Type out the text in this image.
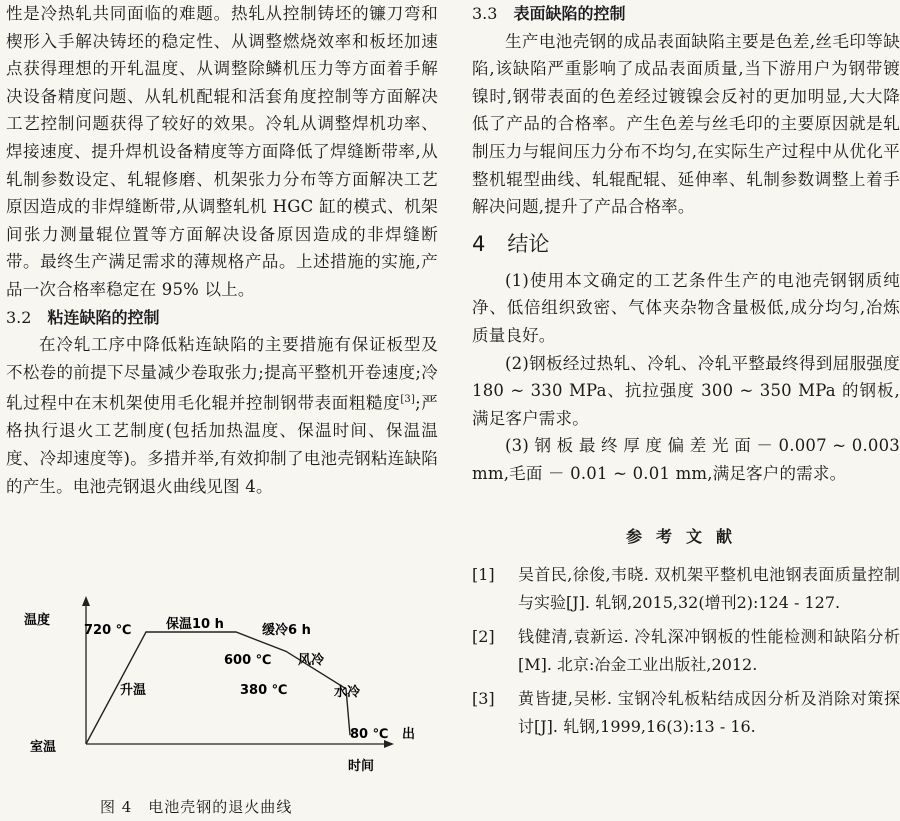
性是冷热轧共同面临的难题。热轧从控制铸坯的镰刀弯和楔形入手解决铸坯的稳定性、从调整燃烧效率和板坯加速点获得理想的开轧温度、从调整除鳞机压力等方面着手解决设备精度问题、从轧机配辊和活套角度控制等方面解决工艺控制问题获得了较好的效果。冷轧从调整焊机功率、焊接速度、提升焊机设备精度等方面降低了焊缝断带率,从轧制参数设定、轧辊修磨、机架张力分布等方面解决工艺原因造成的非焊缝断带,从调整轧机 HGC 缸的模式、机架间张力测量辊位置等方面解决设备原因造成的非焊缝断带。最终生产满足需求的薄规格产品。上述措施的实施,产品一次合格率稳定在 95% 以上。

3.2 粘连缺陷的控制

在冷轧工序中降低粘连缺陷的主要措施有保证板型及不松卷的前提下尽量减少卷取张力;提高平整机开卷速度;冷轧过程中在末机架使用毛化辊并控制钢带表面粗糙度[3];严格执行退火工艺制度(包括加热温度、保温时间、保温温度、冷却速度等)。多措并举,有效抑制了电池壳钢粘连缺陷的产生。电池壳钢退火曲线见图 4。

温度
时间
室温
升温
720 ℃	保温10 h	缓冷6 h
600 ℃ 风冷
380 ℃	水冷
80 ℃ 出
图 4　电池壳钢的退火曲线

3.3 表面缺陷的控制

生产电池壳钢的成品表面缺陷主要是色差,丝毛印等缺陷,该缺陷严重影响了成品表面质量,当下游用户为钢带镀镍时,钢带表面的色差经过镀镍会反衬的更加明显,大大降低了产品的合格率。产生色差与丝毛印的主要原因就是轧制压力与辊间压力分布不均匀,在实际生产过程中从优化平整机辊型曲线、轧辊配辊、延伸率、轧制参数调整上着手解决问题,提升了产品合格率。

4 结论

(1)使用本文确定的工艺条件生产的电池壳钢钢质纯净、低倍组织致密、气体夹杂物含量极低,成分均匀,冶炼质量良好。

(2)钢板经过热轧、冷轧、冷轧平整最终得到屈服强度 180 ~ 330 MPa、抗拉强度 300 ~ 350 MPa 的钢板,满足客户需求。

(3) 钢 板 最 终 厚 度 偏 差 光 面 － 0.007 ~ 0.003 mm,毛面 － 0.01 ~ 0.01 mm,满足客户的需求。

参考文献
[1]	吴首民,徐俊,韦晓. 双机架平整机电池钢表面质量控制与实验[J]. 轧钢,2015,32(增刊2):124 - 127.
[2]	钱健清,袁新运. 冷轧深冲钢板的性能检测和缺陷分析[M]. 北京:冶金工业出版社,2012.
[3]	黄皆捷,吴彬. 宝钢冷轧板粘结成因分析及消除对策探讨[J]. 轧钢,1999,16(3):13 - 16.
